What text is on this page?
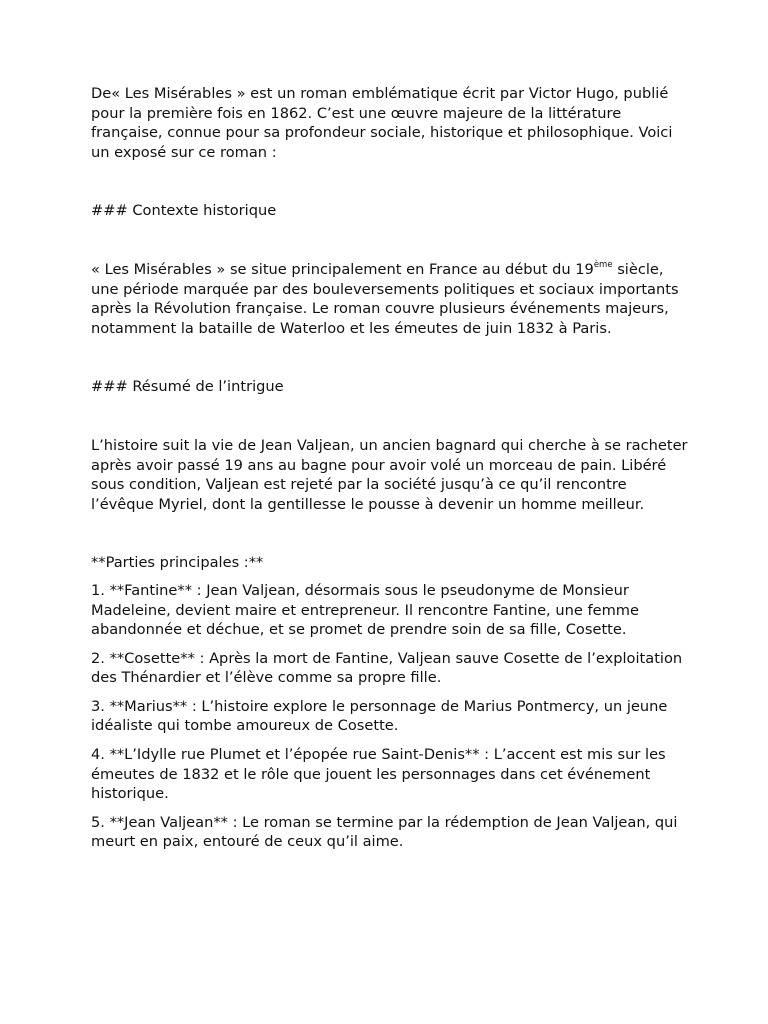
De« Les Misérables » est un roman emblématique écrit par Victor Hugo, publié pour la première fois en 1862. C’est une œuvre majeure de la littérature française, connue pour sa profondeur sociale, historique et philosophique. Voici un exposé sur ce roman :

### Contexte historique

« Les Misérables » se situe principalement en France au début du 19ème siècle, une période marquée par des bouleversements politiques et sociaux importants après la Révolution française. Le roman couvre plusieurs événements majeurs, notamment la bataille de Waterloo et les émeutes de juin 1832 à Paris.

### Résumé de l’intrigue

L’histoire suit la vie de Jean Valjean, un ancien bagnard qui cherche à se racheter après avoir passé 19 ans au bagne pour avoir volé un morceau de pain. Libéré sous condition, Valjean est rejeté par la société jusqu’à ce qu’il rencontre l’évêque Myriel, dont la gentillesse le pousse à devenir un homme meilleur.

**Parties principales :**

1. **Fantine** : Jean Valjean, désormais sous le pseudonyme de Monsieur Madeleine, devient maire et entrepreneur. Il rencontre Fantine, une femme abandonnée et déchue, et se promet de prendre soin de sa fille, Cosette.

2. **Cosette** : Après la mort de Fantine, Valjean sauve Cosette de l’exploitation des Thénardier et l’élève comme sa propre fille.

3. **Marius** : L’histoire explore le personnage de Marius Pontmercy, un jeune idéaliste qui tombe amoureux de Cosette.

4. **L’Idylle rue Plumet et l’épopée rue Saint-Denis** : L’accent est mis sur les émeutes de 1832 et le rôle que jouent les personnages dans cet événement historique.

5. **Jean Valjean** : Le roman se termine par la rédemption de Jean Valjean, qui meurt en paix, entouré de ceux qu’il aime.
